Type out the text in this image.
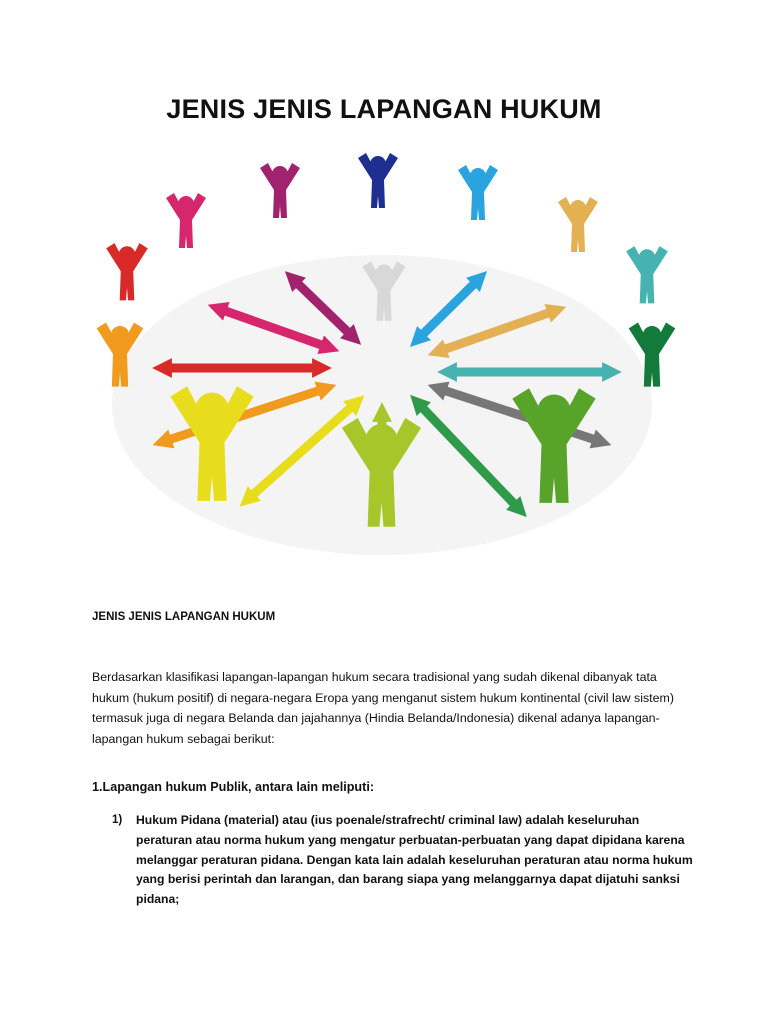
JENIS JENIS LAPANGAN HUKUM

JENIS JENIS LAPANGAN HUKUM

Berdasarkan klasifikasi lapangan-lapangan hukum secara tradisional yang sudah dikenal dibanyak tata hukum (hukum positif) di negara-negara Eropa yang menganut sistem hukum kontinental (civil law sistem) termasuk juga di negara Belanda dan jajahannya (Hindia Belanda/Indonesia) dikenal adanya lapangan-lapangan hukum sebagai berikut:

1.Lapangan hukum Publik, antara lain meliputi:

1) Hukum Pidana (material) atau (ius poenale/strafrecht/ criminal law) adalah keseluruhan peraturan atau norma hukum yang mengatur perbuatan-perbuatan yang dapat dipidana karena melanggar peraturan pidana. Dengan kata lain adalah keseluruhan peraturan atau norma hukum yang berisi perintah dan larangan, dan barang siapa yang melanggarnya dapat dijatuhi sanksi pidana;
